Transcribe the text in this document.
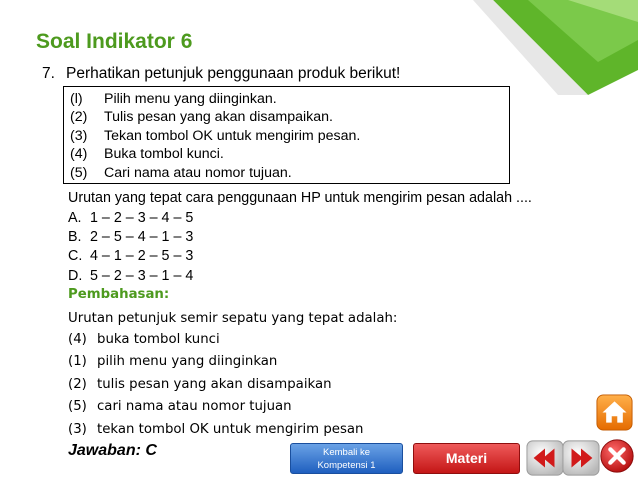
Soal Indikator 6
7. Perhatikan petunjuk penggunaan produk berikut!
(l) Pilih menu yang diinginkan.
(2) Tulis pesan yang akan disampaikan.
(3) Tekan tombol OK untuk mengirim pesan.
(4) Buka tombol kunci.
(5) Cari nama atau nomor tujuan.
Urutan yang tepat cara penggunaan HP untuk mengirim pesan adalah ....
A. 1 – 2 – 3 – 4 – 5
B. 2 – 5 – 4 – 1 – 3
C. 4 – 1 – 2 – 5 – 3
D. 5 – 2 – 3 – 1 – 4
Pembahasan:
Urutan petunjuk semir sepatu yang tepat adalah:
(4) buka tombol kunci
(1) pilih menu yang diinginkan
(2) tulis pesan yang akan disampaikan
(5) cari nama atau nomor tujuan
(3) tekan tombol OK untuk mengirim pesan
Jawaban: C	Kembali ke
Kompetensi 1	Materi
